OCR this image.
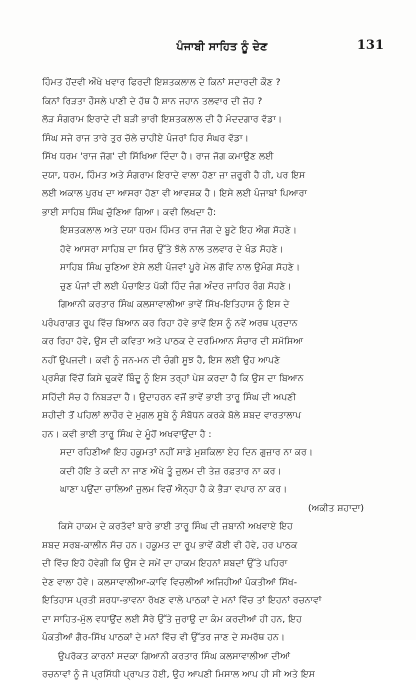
ਪੰਜਾਬੀ ਸਾਹਿਤ ਨੂੰ ਦੇਣ	131

ਹਿੰਮਤ ਹੋਂਦਵੀ ਔਖੇ ਖਵਾਰ ਫਿਰਦੀ ਇਸ਼ਤਕਲਾਲ ਦੇ ਕਿਨਾਂ ਸਦਾਰਦੀ ਕੌਣ ?

ਕਿਨਾਂ ਰਿੜਤਾ ਹੌਸਲੇ ਪਾਣੀ ਦੇ ਹੱਥ ਹੈ ਸ਼ਾਨ ਜਹਾਨ ਤਲਵਾਰ ਦੀ ਜ਼ੋਹ ?

ਲੋੜ ਸੰਗਰਾਮ ਇਰਾਦੇ ਦੀ ਬੜੀ ਭਾਰੀ ਇਸ਼ਤਕਲਾਲ ਦੀ ਹੈ ਮੰਦਦਗਾਰ ਵੱਡਾ।

ਸਿੰਘ ਸਜੇ ਰਾਜ ਤਾਰੇ ਤੁਰ ਚੱਲੇ ਚਾਹੀਏ ਪੰਜਰਾਂ ਹਿਰ ਸੰਘਰ ਵੱਡਾ।

ਸਿੱਖ ਧਰਮ 'ਰਾਜ ਜੋਗ' ਦੀ ਸਿੱਖਿਆ ਦਿੰਦਾ ਹੈ। ਰਾਜ ਜੋਗ ਕਮਾਉਣ ਲਈ

ਦਯਾ, ਧਰਮ, ਹਿੰਮਤ ਅਤੇ ਸੰਗਰਾਮ ਇਰਾਦੇ ਵਾਲਾ ਹੋਣਾ ਜ਼ਾ ਜ਼ਰੂਰੀ ਹੈ ਹੀ, ਪਰ ਇਸ

ਲਈ ਅਕਾਲ ਪੁਰਖ ਦਾ ਆਸਰਾ ਹੋਣਾ ਵੀ ਆਵਸ਼ਕ ਹੈ। ਇਸੇ ਲਈ ਪੰਜਾਬਾਂ ਪਿਆਰਾ

ਭਾਈ ਸਾਹਿਬ ਸਿੰਘ ਚੁੱਣਿਆ ਗਿਆ। ਕਵੀ ਲਿਖਦਾ ਹੈ:

ਇਸ਼ਤਕਲਾਲ ਅਤੇ ਦਯਾ ਧਰਮ ਹਿੰਮਤ ਰਾਜ ਜੋਗ ਦੇ ਬੂਟੇ ਇਹ ਐਗ ਸੋਹਣੇ।
ਹੋਵੇ ਆਸਰਾ ਸਾਹਿਬ ਦਾ ਸਿਰ ਉੱਤੇ ਝੱਲੇ ਨਾਲ ਤਲਵਾਰ ਦੇ ਖੰਡ ਸੋਹਣੇ।
ਸਾਹਿਬ ਸਿੰਘ ਚੁਣਿਆ ਏਸੇ ਲਈ ਪੰਜਵਾਂ ਪੂਰੇ ਮੇਲ ਗੋਵਿ ਨਾਲ ਉਮੰਗ ਸੋਹਣੇ।
ਚੁਣ ਪੰਜਾਂ ਦੀ ਲਈ ਪੰਚਾਇਤ ਪੱਕੀ ਹਿੰਦ ਜੰਗ ਅੰਦਰ ਜਾਹਿਰ ਰੰਗ ਸੋਹਣੇ।

ਗਿਆਨੀ ਕਰਤਾਰ ਸਿੰਘ ਕਲਸਾਵਾਲੀਆ ਭਾਵੇਂ ਸਿੱਖ-ਇਤਿਹਾਸ ਨੂੰ ਇਸ ਦੇ

ਪਰੰਪਰਾਗਤ ਰੂਪ ਵਿੱਚ ਬਿਆਨ ਕਰ ਰਿਹਾ ਹੋਵੇ ਭਾਵੇਂ ਇਸ ਨੂੰ ਨਵੇਂ ਅਰਥ ਪ੍ਰਦਾਨ

ਕਰ ਰਿਹਾ ਹੋਵੇ, ਉਸ ਦੀ ਕਵਿਤਾ ਅਤੇ ਪਾਠਕ ਦੇ ਦਰਮਿਆਨ ਸੰਚਾਰ ਦੀ ਸਮੱਸਿਆ

ਨਹੀਂ ਉਪਜਦੀ। ਕਵੀ ਨੂੰ ਜਨ-ਮਨ ਦੀ ਚੰਗੀ ਸੂਝ ਹੈ, ਇਸ ਲਈ ਉਹ ਆਪਣੇ

ਪ੍ਰਸੰਗ ਵਿੱਚੋਂ ਕਿਸੇ ਢੁਕਵੇਂ ਬਿੰਦੂ ਨੂੰ ਇਸ ਤਰ੍ਹਾਂ ਪੇਸ਼ ਕਰਦਾ ਹੈ ਕਿ ਉਸ ਦਾ ਬਿਆਨ

ਸਹਿੱਦੀ ਸੱਚ ਹੋ ਨਿਬੜਦਾ ਹੈ। ਉਦਾਹਰਨ ਵਜੋਂ ਭਾਵੇਂ ਭਾਈ ਤਾਰੂ ਸਿੰਘ ਦੀ ਅਪਣੀ

ਸ਼ਹੀਦੀ ਤੋਂ ਪਹਿਲਾਂ ਲਾਹੌਰ ਦੇ ਮੁਗਲ ਸੂਬੇ ਨੂੰ ਸੰਬੋਧਨ ਕਰਕੇ ਬੋਲੇ ਸ਼ਬਦ ਵਾਰਤਾਲਾਪ

ਹਨ। ਕਵੀ ਭਾਈ ਤਾਰੂ ਸਿੰਘ ਦੇ ਮੂੰਹੋਂ ਅਖਵਾਉਂਦਾ ਹੈ :

ਸਦਾ ਰਹਿਣੀਆਂ ਇਹ ਹਕੂਮਤਾਂ ਨਹੀਂ ਸਾਡੇ ਮੁਸ਼ਕਿਲਾ ਏਹ ਦਿਨ ਗੁਜ਼ਾਰ ਨਾ ਕਰ।
ਕਦੀ ਹੋਇ ਤੇ ਕਦੀ ਨਾ ਜਾਣ ਔਖੇ ਤੂੰ ਜ਼ੁਲਮ ਦੀ ਤੇਜ਼ ਰਫ਼ਤਾਰ ਨਾ ਕਰ।
ਘਾਣਾ ਪਉਂਦਾ ਚਾਲਿਆਂ ਜ਼ੁਲਮ ਵਿਚੋਂ ਐਨ੍ਹਾ ਹੈ ਕੇ ਭੈੜਾ ਵਪਾਰ ਨਾ ਕਰ।
(ਅਕੀਤ ਸ਼ਹਾਦਾ)

ਕਿਸੇ ਹਾਕਮ ਦੇ ਕਰਤੱਵਾਂ ਬਾਰੇ ਭਾਈ ਤਾਰੂ ਸਿੰਘ ਦੀ ਜ਼ਬਾਨੀ ਅਖਵਾਏ ਇਹ

ਸ਼ਬਦ ਸਰਬ-ਕਾਲੀਨ ਸੱਚ ਹਨ। ਹਕੂਮਤ ਦਾ ਰੂਪ ਭਾਵੇਂ ਕੋਈ ਵੀ ਹੋਵੇ, ਹਰ ਪਾਠਕ

ਦੀ ਵਿੱਚ ਇਹੋ ਹੋਵੇਗੀ ਕਿ ਉਸ ਦੇ ਸਮੇਂ ਦਾ ਹਾਕਮ ਇਹਨਾਂ ਸ਼ਬਦਾਂ ਉੱਤੇ ਪਹਿਰਾ

ਦੇਣ ਵਾਲਾ ਹੋਵੇ। ਕਲਸਾਵਾਲੀਆ-ਕਾਵਿ ਵਿਚਲੀਆਂ ਅਜਿਹੀਆਂ ਪੰਕਤੀਆਂ ਸਿੱਖ-

ਇਤਿਹਾਸ ਪ੍ਰਤੀ ਸ਼ਰਧਾ-ਭਾਵਨਾ ਰੱਖਣ ਵਾਲੇ ਪਾਠਕਾਂ ਦੇ ਮਨਾਂ ਵਿੱਚ ਤਾਂ ਇਹਨਾਂ ਰਚਨਾਵਾਂ

ਦਾ ਸਾਹਿਤ-ਮੁੱਲ ਵਧਾਉਂਦ ਲਈ ਸੈਰੇ ਉੱਤੇ ਜੁਰਾਉ ਦਾ ਕੰਮ ਕਰਦੀਆਂ ਹੀ ਹਨ, ਇਹ

ਪੰਕਤੀਆਂ ਗੈਰ-ਸਿੱਖ ਪਾਠਕਾਂ ਦੇ ਮਨਾਂ ਵਿੱਚ ਵੀ ਉੱਤਰ ਜਾਣ ਦੇ ਸਮਰੱਥ ਹਨ।

ਉਪਰੋਕਤ ਕਾਰਨਾਂ ਸਦਕਾ ਗਿਆਨੀ ਕਰਤਾਰ ਸਿੰਘ ਕਲਸਾਵਾਲੀਆ ਦੀਆਂ

ਰਚਨਾਵਾਂ ਨੂੰ ਜੋ ਪ੍ਰਸਿੱਧੀ ਪ੍ਰਾਪਤ ਹੋਈ, ਉਹ ਆਪਣੀ ਮਿਸਾਲ ਆਪ ਹੀ ਸੀ ਅਤੇ ਇਸ
